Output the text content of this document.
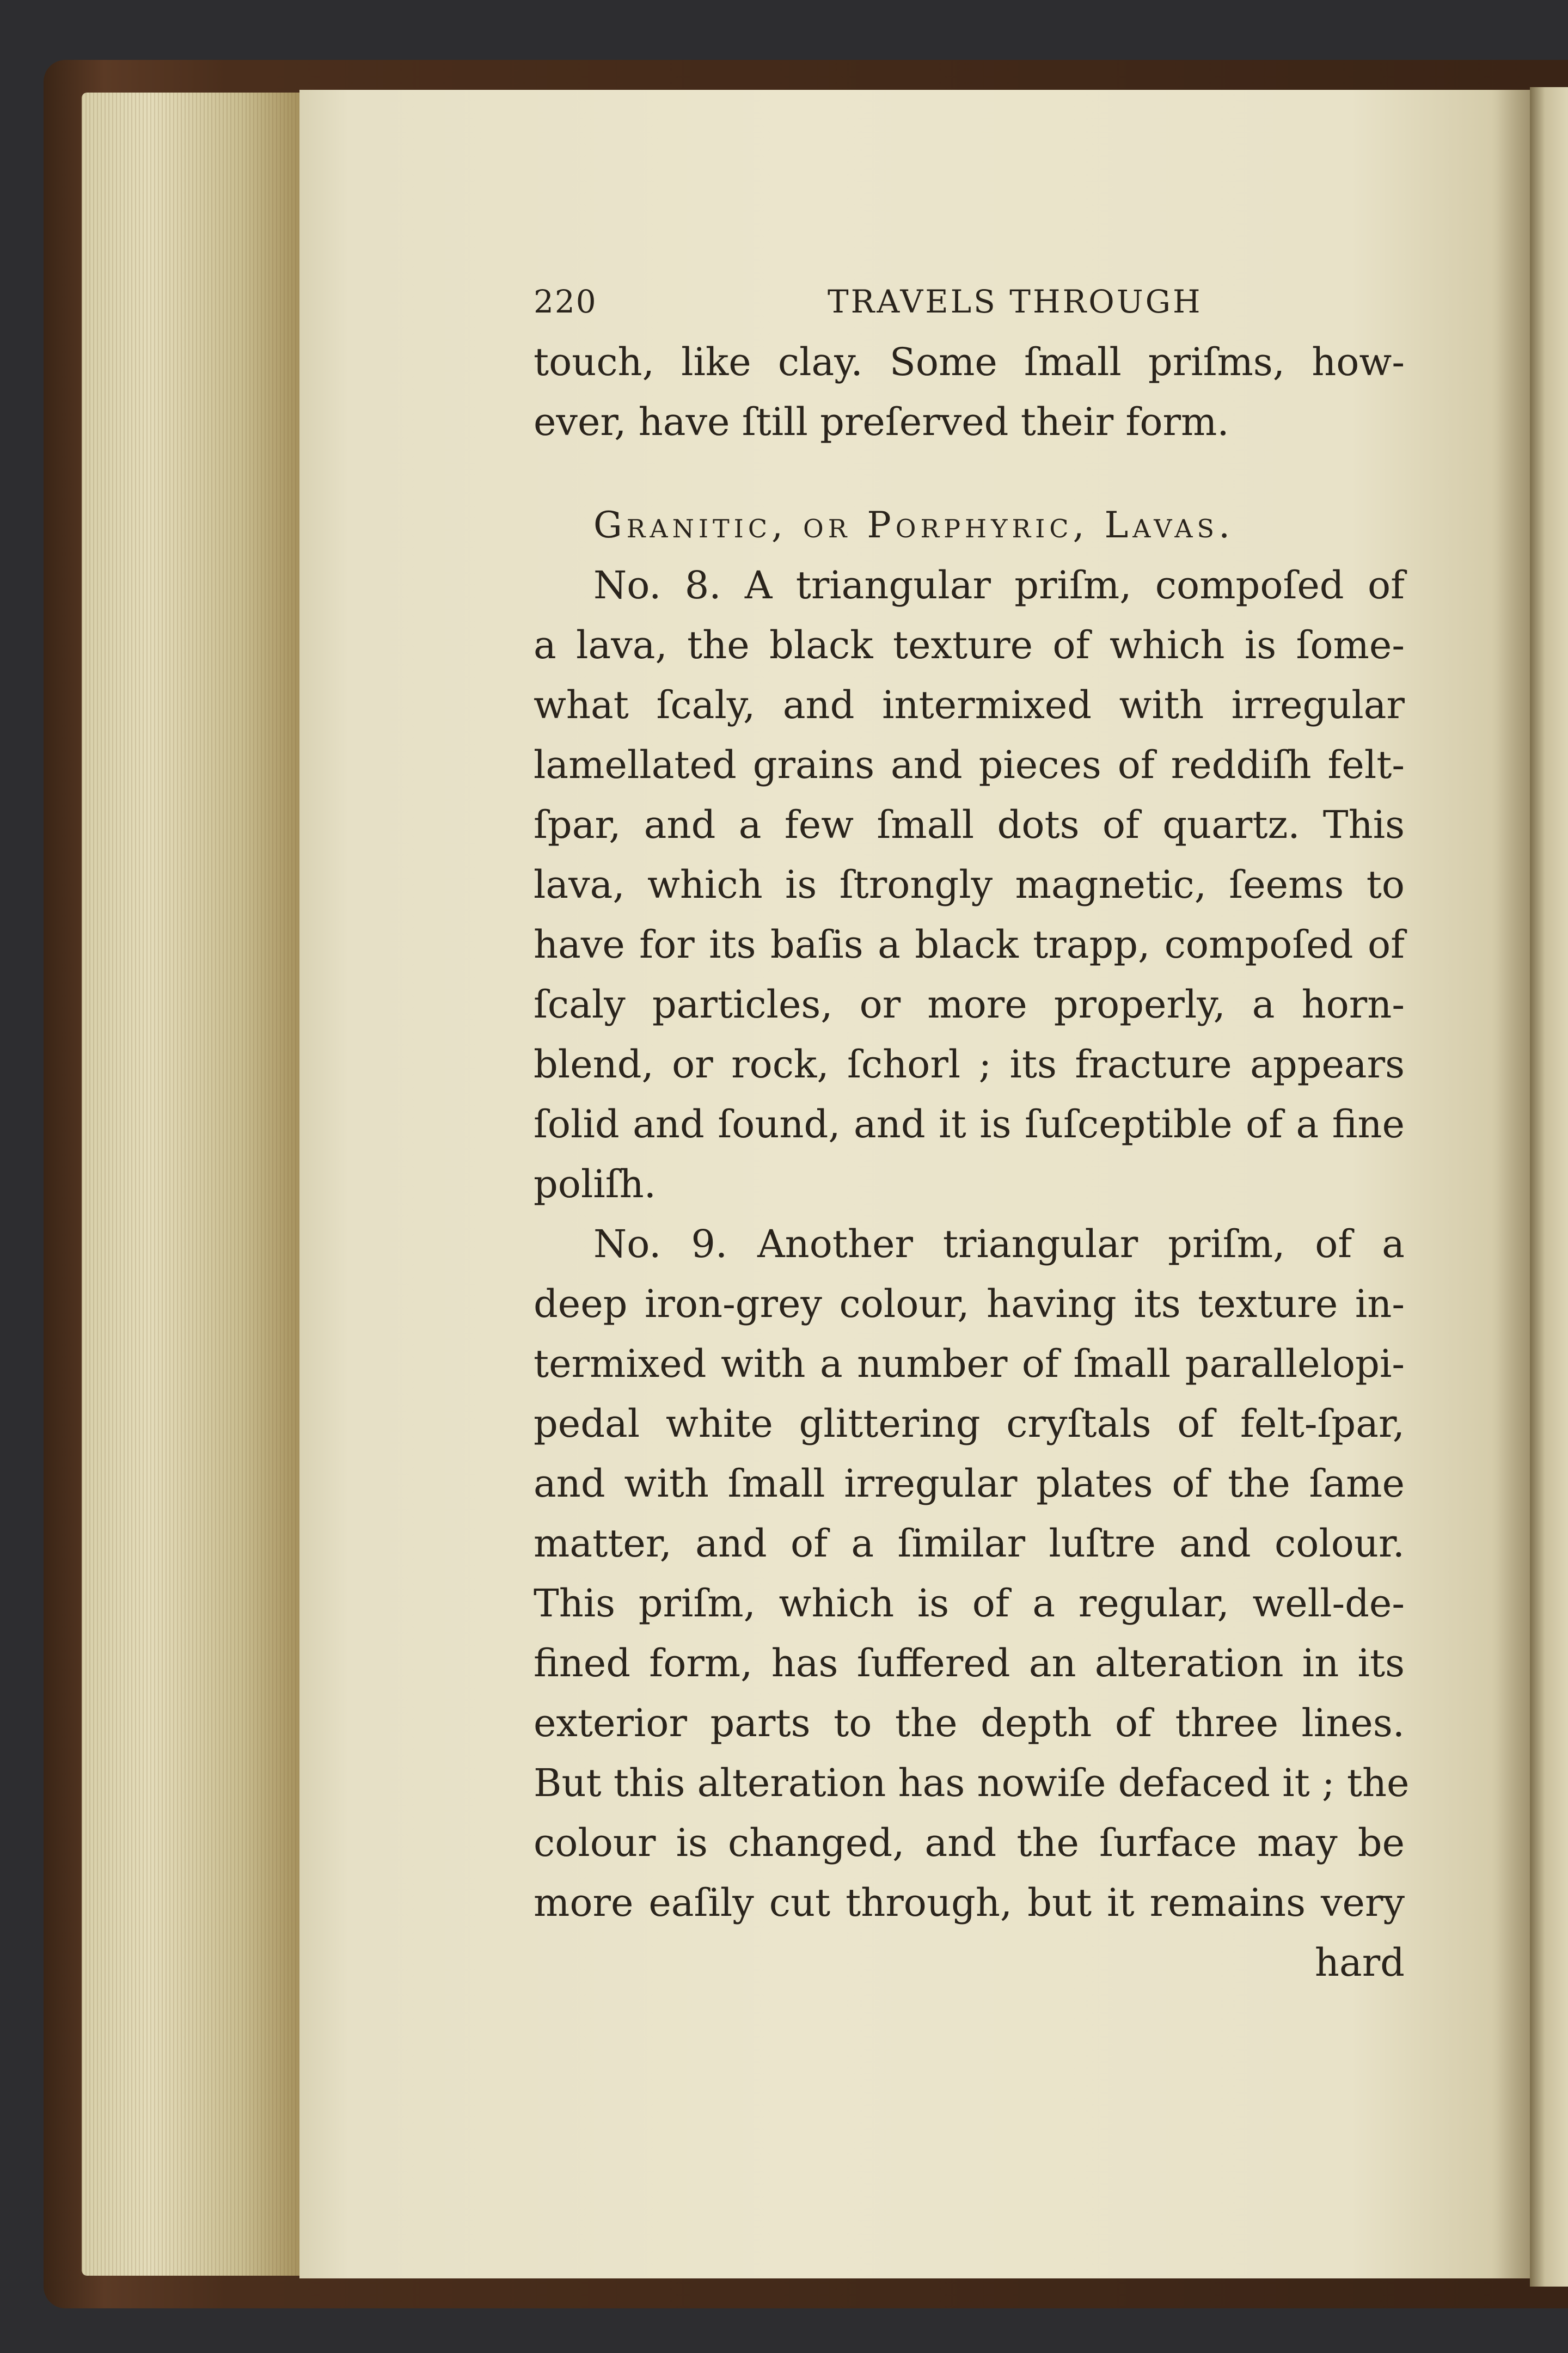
220	TRAVELS THROUGH
touch, like clay. Some ſmall priſms, how-
ever, have ſtill preſerved their form.
Granitic, or Porphyric, Lavas.
No. 8. A triangular priſm, compoſed of
a lava, the black texture of which is ſome-
what ſcaly, and intermixed with irregular
lamellated grains and pieces of reddiſh felt-
ſpar, and a few ſmall dots of quartz. This
lava, which is ſtrongly magnetic, ſeems to
have for its baſis a black trapp, compoſed of
ſcaly particles, or more properly, a horn-
blend, or rock, ſchorl ; its fracture appears
ſolid and ſound, and it is ſuſceptible of a fine
poliſh.
No. 9. Another triangular priſm, of a
deep iron-grey colour, having its texture in-
termixed with a number of ſmall parallelopi-
pedal white glittering cryſtals of felt-ſpar,
and with ſmall irregular plates of the ſame
matter, and of a ſimilar luſtre and colour.
This priſm, which is of a regular, well-de-
fined form, has ſuffered an alteration in its
exterior parts to the depth of three lines.
But this alteration has nowiſe defaced it ; the
colour is changed, and the ſurface may be
more eaſily cut through, but it remains very
hard
